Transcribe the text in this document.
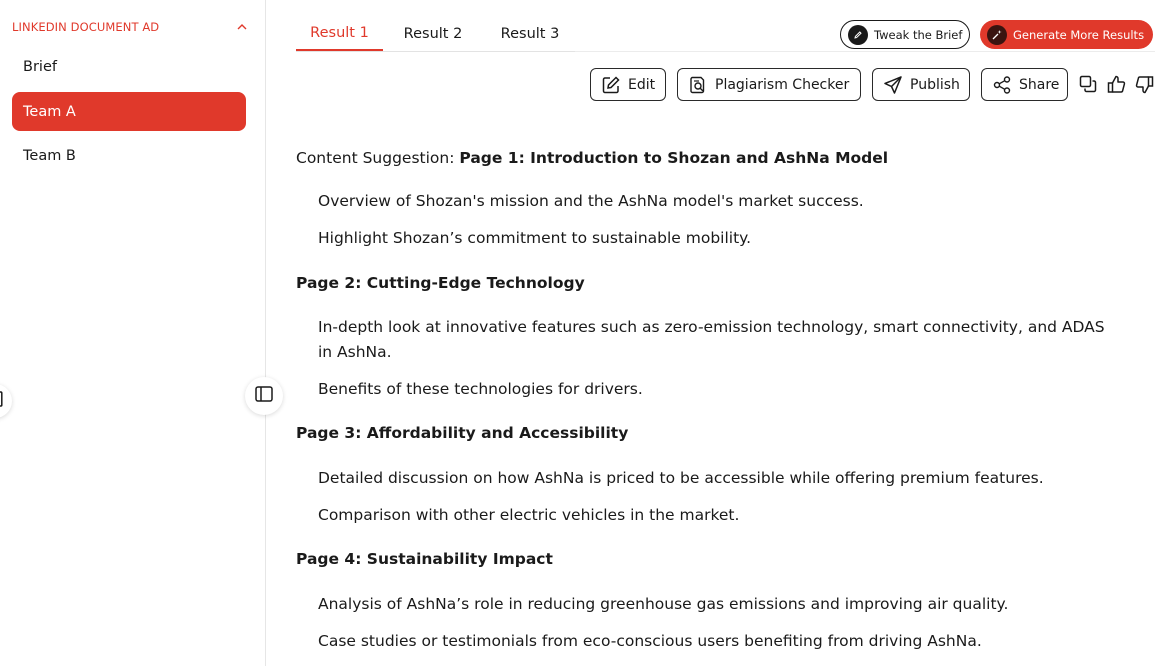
LINKEDIN DOCUMENT AD
Brief
Team A
Team B
Result 1 Result 2	Result 3	Tweak the Brief	Generate More Results
Edit	Plagiarism Checker	Publish	Share
Content Suggestion: Page 1: Introduction to Shozan and AshNa Model
Overview of Shozan's mission and the AshNa model's market success.
Highlight Shozan’s commitment to sustainable mobility.
Page 2: Cutting-Edge Technology
In-depth look at innovative features such as zero-emission technology, smart connectivity, and ADAS in AshNa.
Benefits of these technologies for drivers.
Page 3: Affordability and Accessibility
Detailed discussion on how AshNa is priced to be accessible while offering premium features.
Comparison with other electric vehicles in the market.
Page 4: Sustainability Impact
Analysis of AshNa’s role in reducing greenhouse gas emissions and improving air quality.
Case studies or testimonials from eco-conscious users benefiting from driving AshNa.
